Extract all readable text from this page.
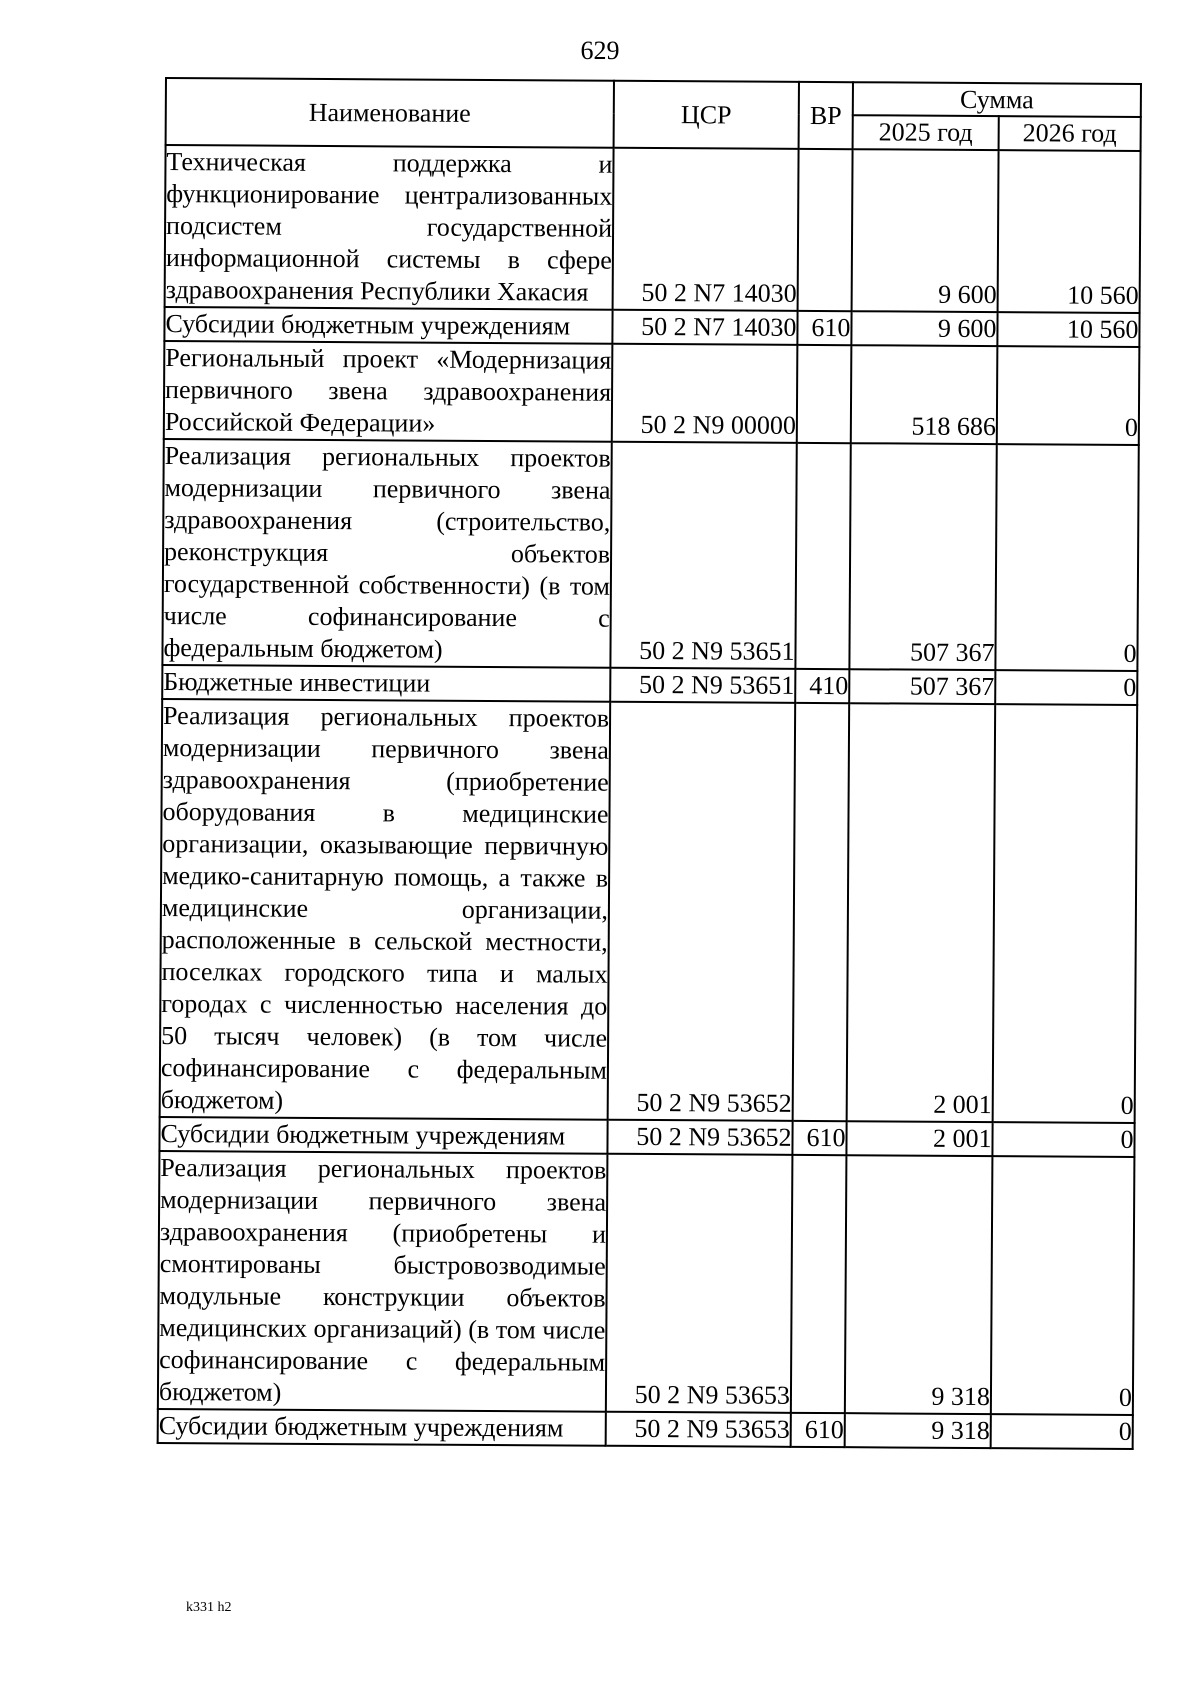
629
Наименование	ЦСР	ВР	Сумма	
			2025 год	2026 год

Техническая поддержка и функционирование централизованных подсистем государственной информационной системы в сфере здравоохранения Республики Хакасия	50 2 N7 14030		9 600	10 560

Субсидии бюджетным учреждениям	50 2 N7 14030	610	9 600	10 560

Региональный проект «Модернизация первичного звена здравоохранения Российской Федерации»	50 2 N9 00000		518 686	0

Реализация региональных проектов модернизации первичного звена здравоохранения (строительство, реконструкция объектов государственной собственности) (в том числе софинансирование с федеральным бюджетом)	50 2 N9 53651		507 367	0

Бюджетные инвестиции	50 2 N9 53651	410	507 367	0

Реализация региональных проектов модернизации первичного звена здравоохранения (приобретение оборудования в медицинские организации, оказывающие первичную медико-санитарную помощь, а также в медицинские организации, расположенные в сельской местности, поселках городского типа и малых городах с численностью населения до 50 тысяч человек) (в том числе софинансирование с федеральным бюджетом)	50 2 N9 53652		2 001	0

Субсидии бюджетным учреждениям	50 2 N9 53652	610	2 001	0

Реализация региональных проектов модернизации первичного звена здравоохранения (приобретены и смонтированы быстровозводимые модульные конструкции объектов медицинских организаций) (в том числе софинансирование с федеральным бюджетом)	50 2 N9 53653		9 318	0

Субсидии бюджетным учреждениям	50 2 N9 53653	610	9 318	0
k331 h2
